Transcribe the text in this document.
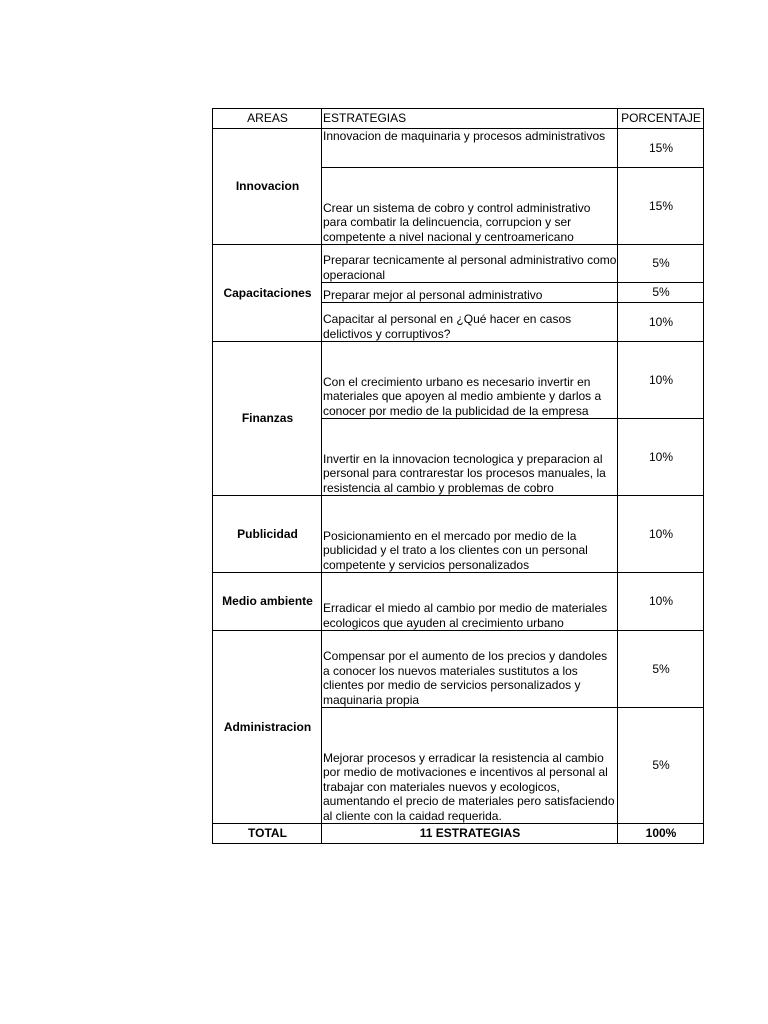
AREAS	ESTRATEGIAS	PORCENTAJE
Innovacion	Innovacion de maquinaria y procesos administrativos	15%
	Crear un sistema de cobro y control administrativo para combatir la delincuencia, corrupcion y ser competente a nivel nacional y centroamericano	15%
Capacitaciones	Preparar tecnicamente al personal administrativo como operacional	5%
	Preparar mejor al personal administrativo	5%
	Capacitar al personal en ¿Qué hacer en casos delictivos y corruptivos?	10%
Finanzas	Con el crecimiento urbano es necesario invertir en materiales que apoyen al medio ambiente y darlos a conocer por medio de la publicidad de la empresa	10%
	Invertir en la innovacion tecnologica y preparacion al personal para contrarestar los procesos manuales, la resistencia al cambio y problemas de cobro	10%
Publicidad	Posicionamiento en el mercado por medio de la publicidad y el trato a los clientes con un personal competente y servicios personalizados	10%
Medio ambiente	Erradicar el miedo al cambio por medio de materiales ecologicos que ayuden al crecimiento urbano	10%
Administracion	Compensar por el aumento de los precios y dandoles a conocer los nuevos materiales sustitutos a los clientes por medio de servicios personalizados y maquinaria propia	5%
	Mejorar procesos y erradicar la resistencia al cambio por medio de motivaciones e incentivos al personal al trabajar con materiales nuevos y ecologicos, aumentando el precio de materiales pero satisfaciendo al cliente con la caidad requerida.	5%
TOTAL	11 ESTRATEGIAS	100%
